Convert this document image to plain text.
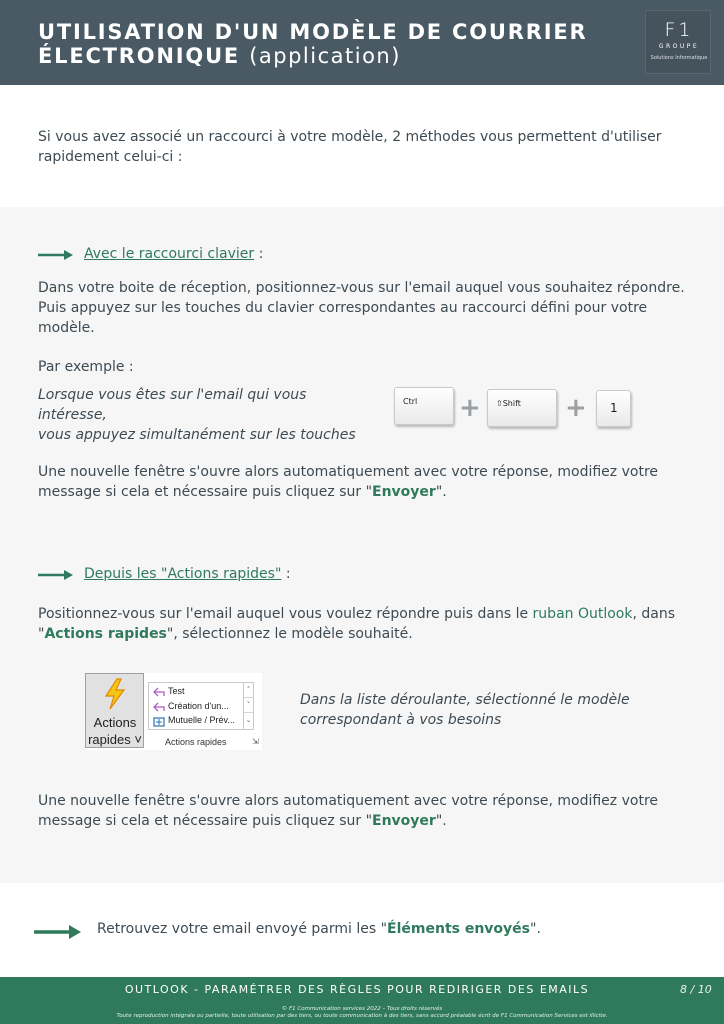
UTILISATION D'UN MODÈLE DE COURRIER
ÉLECTRONIQUE (application)
F1
GROUPE
Solutions Informatique
Si vous avez associé un raccourci à votre modèle, 2 méthodes vous permettent d'utiliser rapidement celui-ci :
Avec le raccourci clavier :
Dans votre boite de réception, positionnez-vous sur l'email auquel vous souhaitez répondre. Puis appuyez sur les touches du clavier correspondantes au raccourci défini pour votre modèle.
Par exemple :
Lorsque vous êtes sur l'email qui vous intéresse,
vous appuyez simultanément sur les touches
Ctrl + ⇧Shift + 1
Une nouvelle fenêtre s'ouvre alors automatiquement avec votre réponse, modifiez votre message si cela et nécessaire puis cliquez sur "Envoyer".
Depuis les "Actions rapides" :
Positionnez-vous sur l'email auquel vous voulez répondre puis dans le ruban Outlook, dans "Actions rapides", sélectionnez le modèle souhaité.
Actions
rapides ˅
Test
Création d'un...
Mutuelle / Prév...
˄
˅
⌄
Actions rapides	⇲
Dans la liste déroulante, sélectionné le modèle
correspondant à vos besoins
Une nouvelle fenêtre s'ouvre alors automatiquement avec votre réponse, modifiez votre message si cela et nécessaire puis cliquez sur "Envoyer".
Retrouvez votre email envoyé parmi les "Éléments envoyés".
OUTLOOK - PARAMÉTRER DES RÈGLES POUR REDIRIGER DES EMAILS	8 / 10
© F1 Communication services 2022 – Tous droits réservés
Toute reproduction intégrale ou partielle, toute utilisation par des tiers, ou toute communication à des tiers, sans accord préalable écrit de F1 Communication Services est illicite.
